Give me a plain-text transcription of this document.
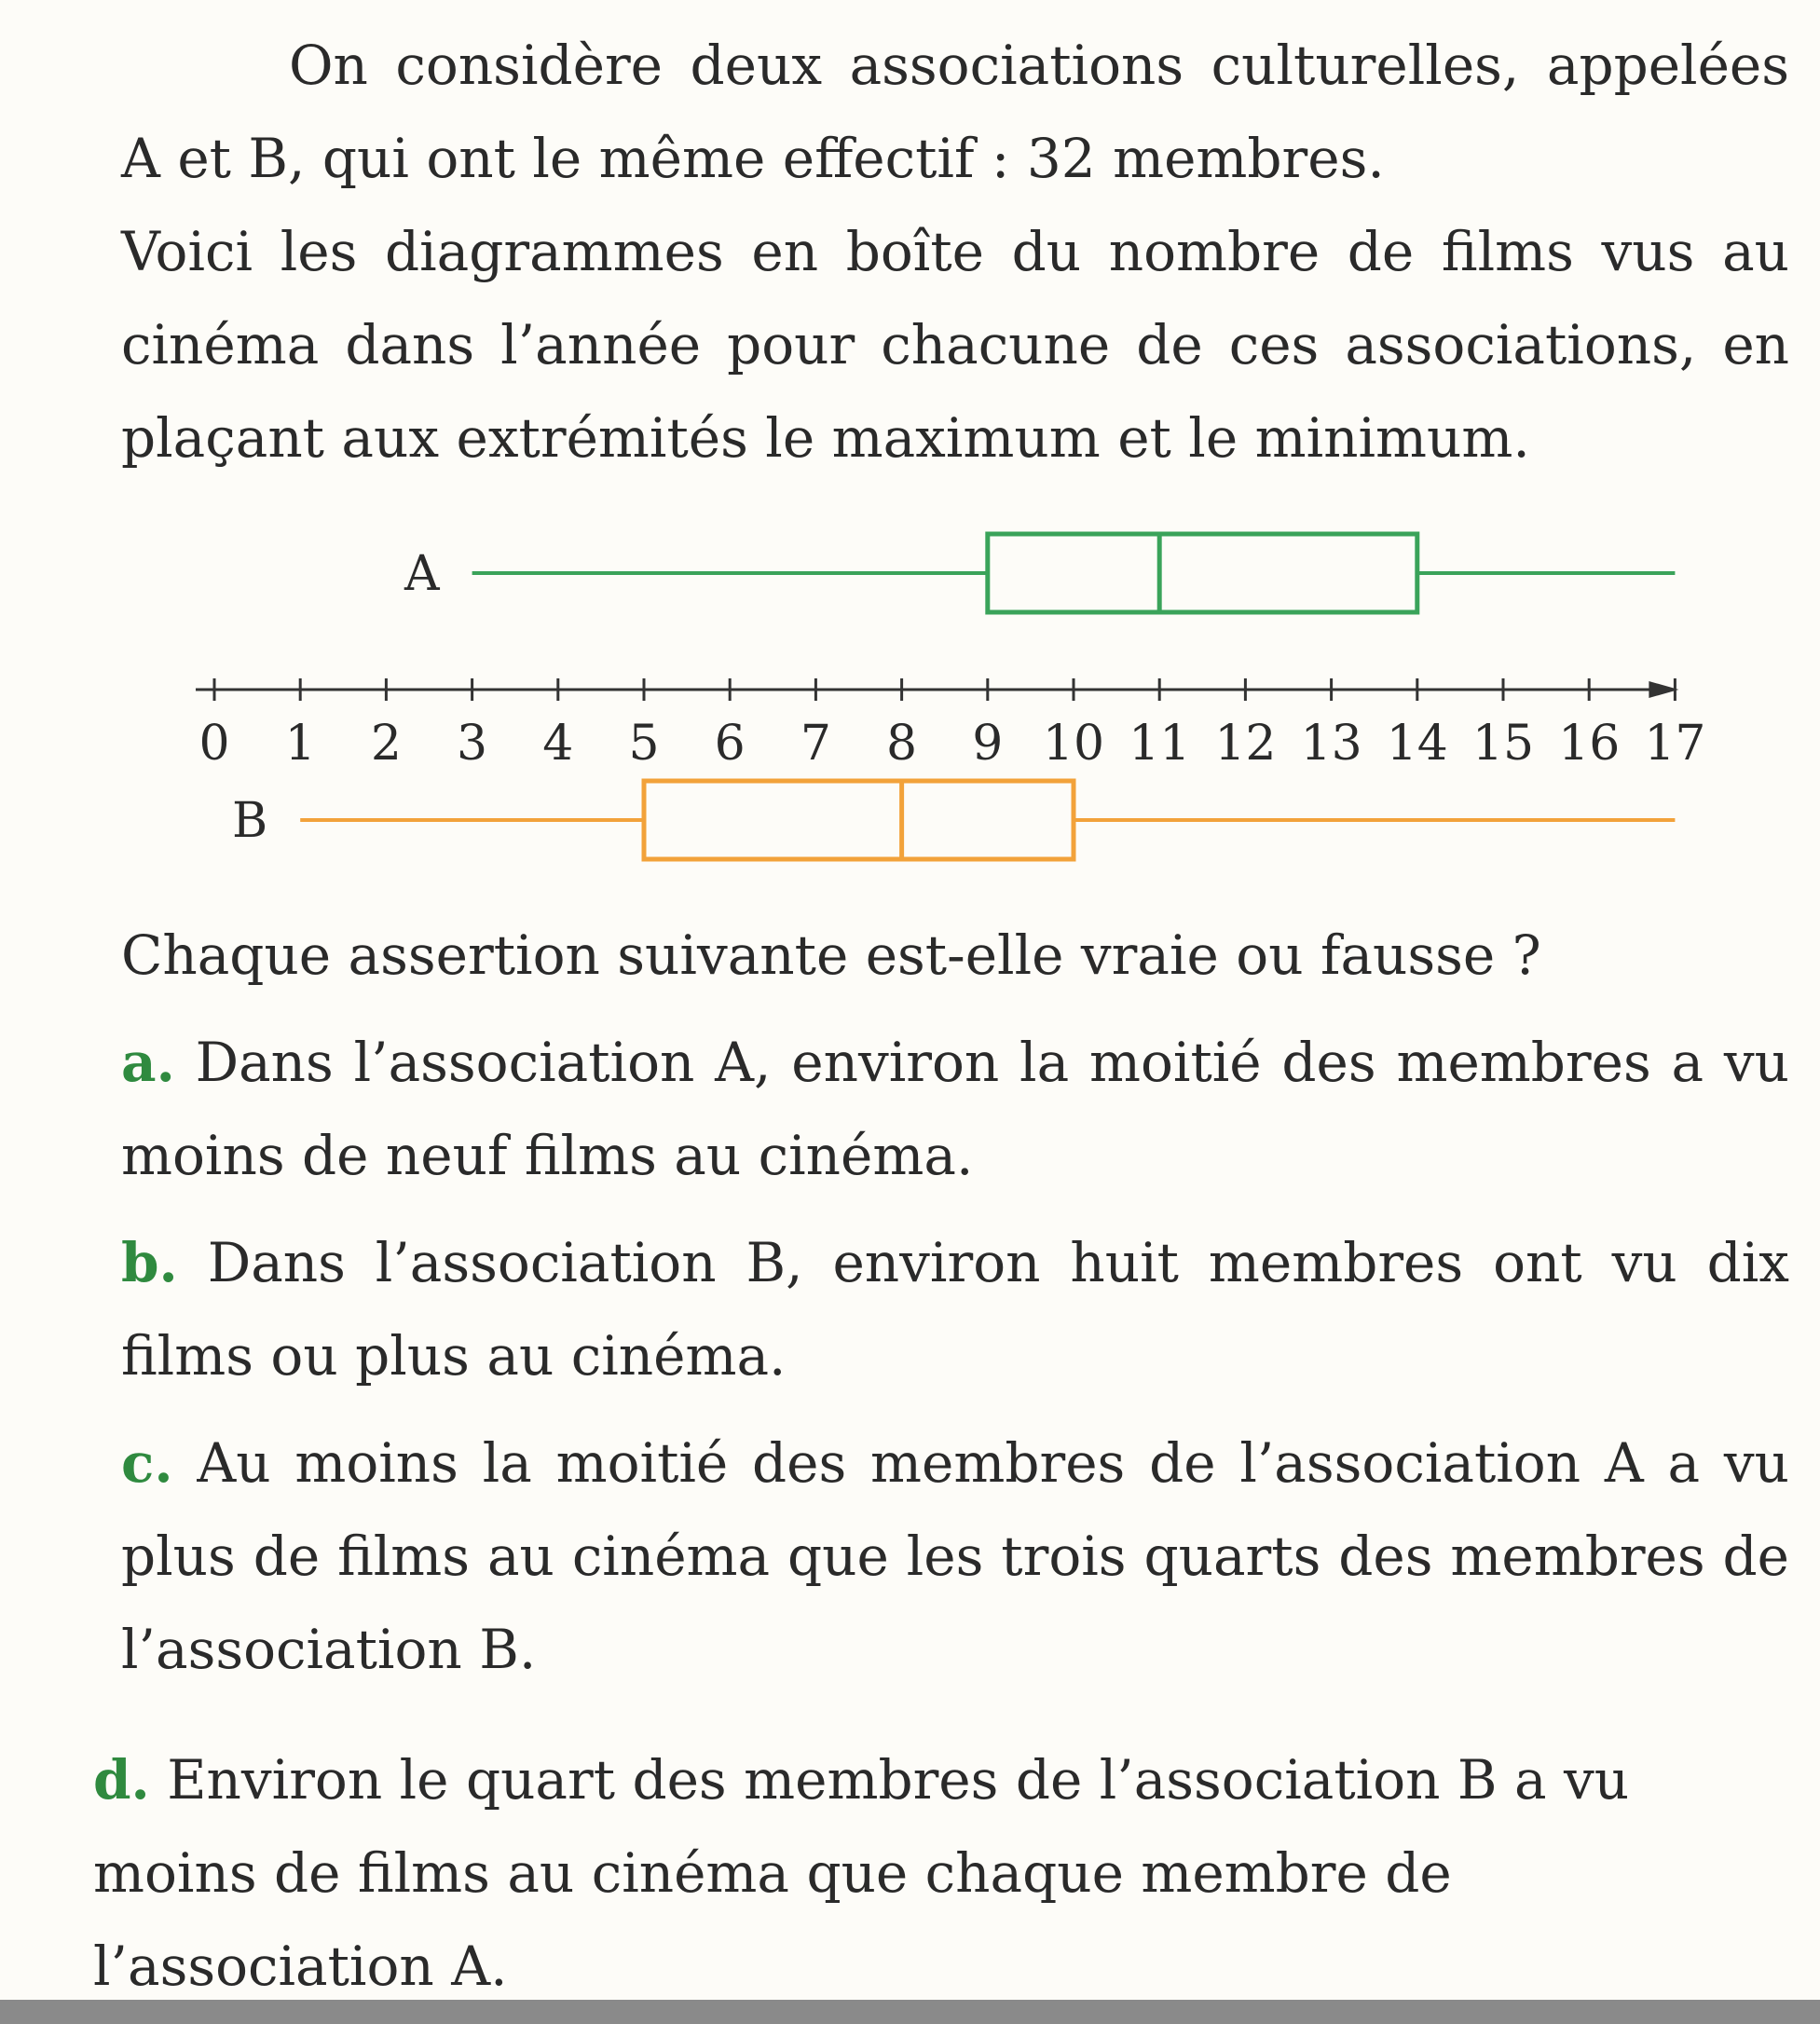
On considère deux associations culturelles, appelées A et B, qui ont le même effectif : 32 membres.

Voici les diagrammes en boîte du nombre de films vus au cinéma dans l’année pour chacune de ces associations, en plaçant aux extrémités le maximum et le minimum.

0 1 2 3 4 5 6 7 8 9 10 11 12 13 14 15 16 17
A
B

Chaque assertion suivante est-elle vraie ou fausse ?

a. Dans l’association A, environ la moitié des membres a vu moins de neuf films au cinéma.

b. Dans l’association B, environ huit membres ont vu dix films ou plus au cinéma.

c. Au moins la moitié des membres de l’association A a vu plus de films au cinéma que les trois quarts des membres de l’association B.

d. Environ le quart des membres de l’association B a vu moins de films au cinéma que chaque membre de l’association A.
